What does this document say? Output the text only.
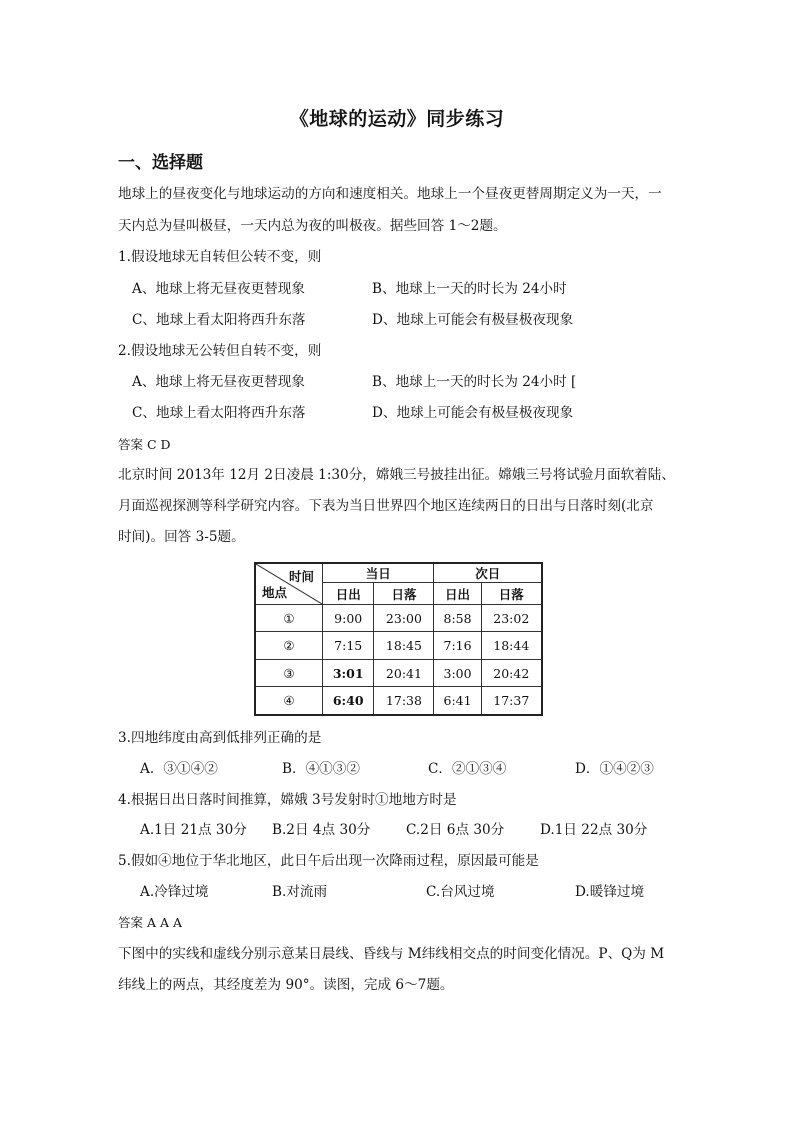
《地球的运动》同步练习
一、选择题
地球上的昼夜变化与地球运动的方向和速度相关。地球上一个昼夜更替周期定义为一天，一
天内总为昼叫极昼，一天内总为夜的叫极夜。据些回答 1～2题。
1.假设地球无自转但公转不变，则
A、地球上将无昼夜更替现象	B、地球上一天的时长为 24小时
C、地球上看太阳将西升东落	D、地球上可能会有极昼极夜现象
2.假设地球无公转但自转不变，则
A、地球上将无昼夜更替现象	B、地球上一天的时长为 24小时 [
C、地球上看太阳将西升东落	D、地球上可能会有极昼极夜现象
答案 C D
北京时间 2013年 12月 2日凌晨 1:30分，嫦娥三号披挂出征。嫦娥三号将试验月面软着陆、
月面巡视探测等科学研究内容。下表为当日世界四个地区连续两日的日出与日落时刻(北京
时间)。回答 3-5题。
时间
地点	当日		次日	
	日出	日落	日出	日落
①	9:00	23:00	8:58	23:02
②	7:15	18:45	7:16	18:44
③	3:01	20:41	3:00	20:42
④	6:40	17:38	6:41	17:37
3.四地纬度由高到低排列正确的是
A．③①④②	B．④①③②	C．②①③④	D．①④②③
4.根据日出日落时间推算，嫦娥 3号发射时①地地方时是
A.1日 21点 30分 B.2日 4点 30分	C.2日 6点 30分	D.1日 22点 30分
5.假如④地位于华北地区，此日午后出现一次降雨过程，原因最可能是
A.冷锋过境	B.对流雨	C.台风过境	D.暖锋过境
答案 A A A
下图中的实线和虚线分别示意某日晨线、昏线与 M纬线相交点的时间变化情况。P、Q为 M
纬线上的两点，其经度差为 90°。读图，完成 6～7题。
